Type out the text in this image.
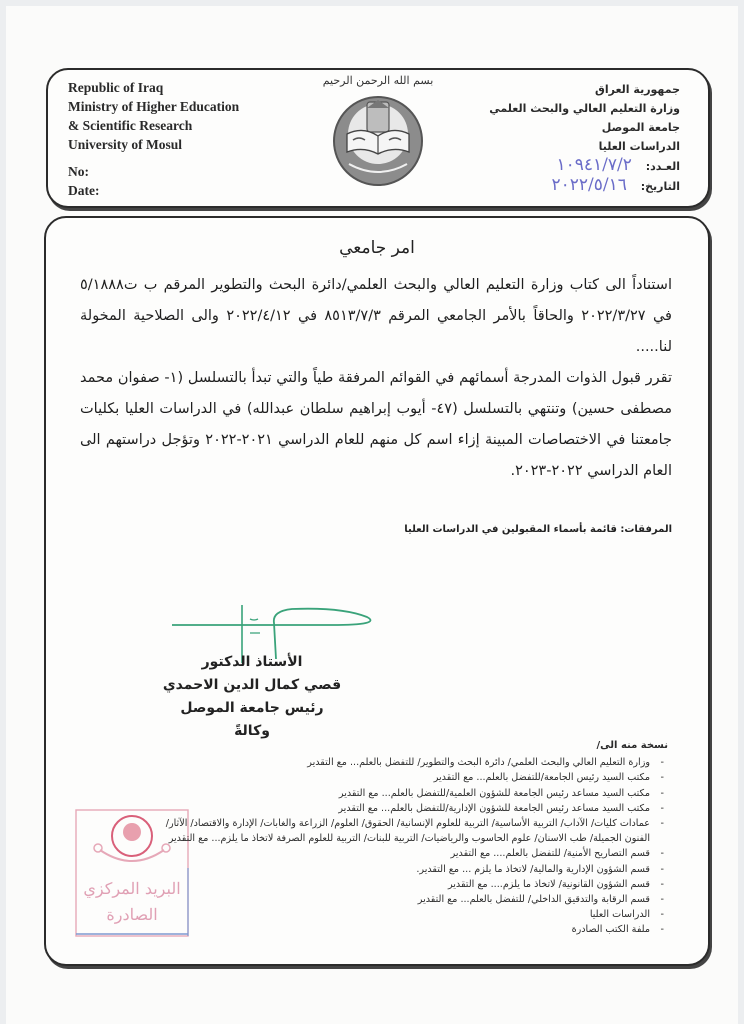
Republic of Iraq
Ministry of Higher Education
& Scientific Research
University of Mosul
No:
Date:
بسم الله الرحمن الرحيم
جمهورية العراق
وزارة التعليم العالي والبحث العلمي
جامعة الموصل
الدراسات العليا
العـدد: ١٠٩٤١/٧/٢
التاريخ: ٢٠٢٢/٥/١٦
امر جامعي

استناداً الى كتاب وزارة التعليم العالي والبحث العلمي/دائرة البحث والتطوير المرقم ب ت٥/١٨٨٨ في ٢٠٢٢/٣/٢٧ والحاقاً بالأمر الجامعي المرقم ٨٥١٣/٧/٣ في ٢٠٢٢/٤/١٢ والى الصلاحية المخولة لنا.....

تقرر قبول الذوات المدرجة أسمائهم في القوائم المرفقة طياً والتي تبدأ بالتسلسل (١- صفوان محمد مصطفى حسين) وتنتهي بالتسلسل (٤٧- أيوب إبراهيم سلطان عبدالله) في الدراسات العليا بكليات جامعتنا في الاختصاصات المبينة إزاء اسم كل منهم للعام الدراسي ٢٠٢١-٢٠٢٢ وتؤجل دراستهم الى العام الدراسي ٢٠٢٢-٢٠٢٣.

المرفقات: قائمة بأسماء المقبولين في الدراسات العليا
الأستاذ الدكتور
قصي كمال الدين الاحمدي
رئيس جامعة الموصل وكالةً
البريد المركزي
الصادرة
نسخة منه الى/
- وزارة التعليم العالي والبحث العلمي/ دائرة البحث والتطوير/ للتفضل بالعلم... مع التقدير
- مكتب السيد رئيس الجامعة/للتفضل بالعلم... مع التقدير
- مكتب السيد مساعد رئيس الجامعة للشؤون العلمية/للتفضل بالعلم... مع التقدير
- مكتب السيد مساعد رئيس الجامعة للشؤون الإدارية/للتفضل بالعلم... مع التقدير
- عمادات كليات/ الآداب/ التربية الأساسية/ التربية للعلوم الإنسانية/ الحقوق/ العلوم/ الزراعة والغابات/ الإدارة والاقتصاد/ الآثار/
الفنون الجميلة/ طب الاسنان/ علوم الحاسوب والرياضيات/ التربية للبنات/ التربية للعلوم الصرفة لاتخاذ ما يلزم... مع التقدير
- قسم التصاريح الأمنية/ للتفضل بالعلم.... مع التقدير
- قسم الشؤون الإدارية والمالية/ لاتخاذ ما يلزم ... مع التقدير.
- قسم الشؤون القانونية/ لاتخاذ ما يلزم.... مع التقدير
- قسم الرقابة والتدقيق الداخلي/ للتفضل بالعلم... مع التقدير
- الدراسات العليا
- ملفة الكتب الصادرة
